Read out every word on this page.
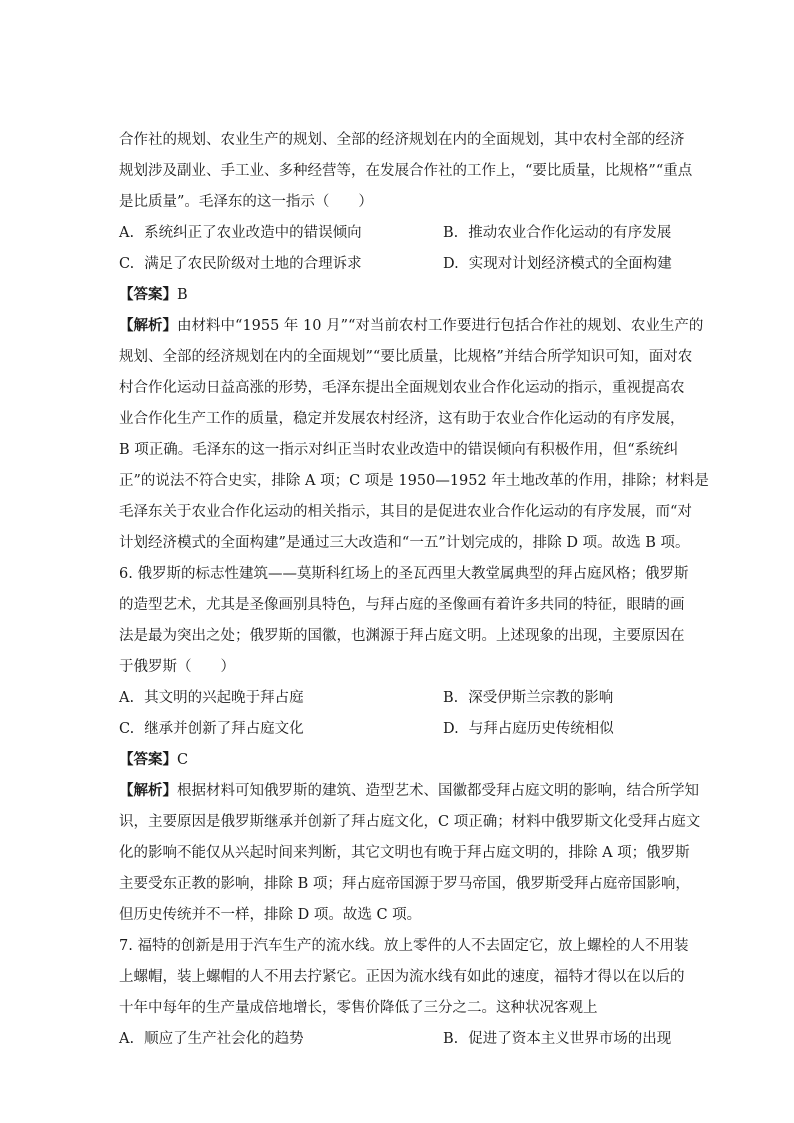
合作社的规划、农业生产的规划、全部的经济规划在内的全面规划，其中农村全部的经济
规划涉及副业、手工业、多种经营等，在发展合作社的工作上，“要比质量，比规格”“重点
是比质量”。毛泽东的这一指示（　　）
A. 系统纠正了农业改造中的错误倾向	B. 推动农业合作化运动的有序发展
C. 满足了农民阶级对土地的合理诉求	D. 实现对计划经济模式的全面构建
【答案】B
【解析】由材料中“1955 年 10 月”“对当前农村工作要进行包括合作社的规划、农业生产的
规划、全部的经济规划在内的全面规划”“要比质量，比规格”并结合所学知识可知，面对农
村合作化运动日益高涨的形势，毛泽东提出全面规划农业合作化运动的指示，重视提高农
业合作化生产工作的质量，稳定并发展农村经济，这有助于农业合作化运动的有序发展，
B 项正确。毛泽东的这一指示对纠正当时农业改造中的错误倾向有积极作用，但“系统纠
正”的说法不符合史实，排除 A 项；C 项是 1950—1952 年土地改革的作用，排除；材料是
毛泽东关于农业合作化运动的相关指示，其目的是促进农业合作化运动的有序发展，而“对
计划经济模式的全面构建”是通过三大改造和“一五”计划完成的，排除 D 项。故选 B 项。
6. 俄罗斯的标志性建筑——莫斯科红场上的圣瓦西里大教堂属典型的拜占庭风格；俄罗斯
的造型艺术，尤其是圣像画别具特色，与拜占庭的圣像画有着许多共同的特征，眼睛的画
法是最为突出之处；俄罗斯的国徽，也渊源于拜占庭文明。上述现象的出现，主要原因在
于俄罗斯（　　）
A. 其文明的兴起晚于拜占庭	B. 深受伊斯兰宗教的影响
C. 继承并创新了拜占庭文化	D. 与拜占庭历史传统相似
【答案】C
【解析】根据材料可知俄罗斯的建筑、造型艺术、国徽都受拜占庭文明的影响，结合所学知
识，主要原因是俄罗斯继承并创新了拜占庭文化，C 项正确；材料中俄罗斯文化受拜占庭文
化的影响不能仅从兴起时间来判断，其它文明也有晚于拜占庭文明的，排除 A 项；俄罗斯
主要受东正教的影响，排除 B 项；拜占庭帝国源于罗马帝国，俄罗斯受拜占庭帝国影响，
但历史传统并不一样，排除 D 项。故选 C 项。
7. 福特的创新是用于汽车生产的流水线。放上零件的人不去固定它，放上螺栓的人不用装
上螺帽，装上螺帽的人不用去拧紧它。正因为流水线有如此的速度，福特才得以在以后的
十年中每年的生产量成倍地增长，零售价降低了三分之二。这种状况客观上
A. 顺应了生产社会化的趋势	B. 促进了资本主义世界市场的出现
